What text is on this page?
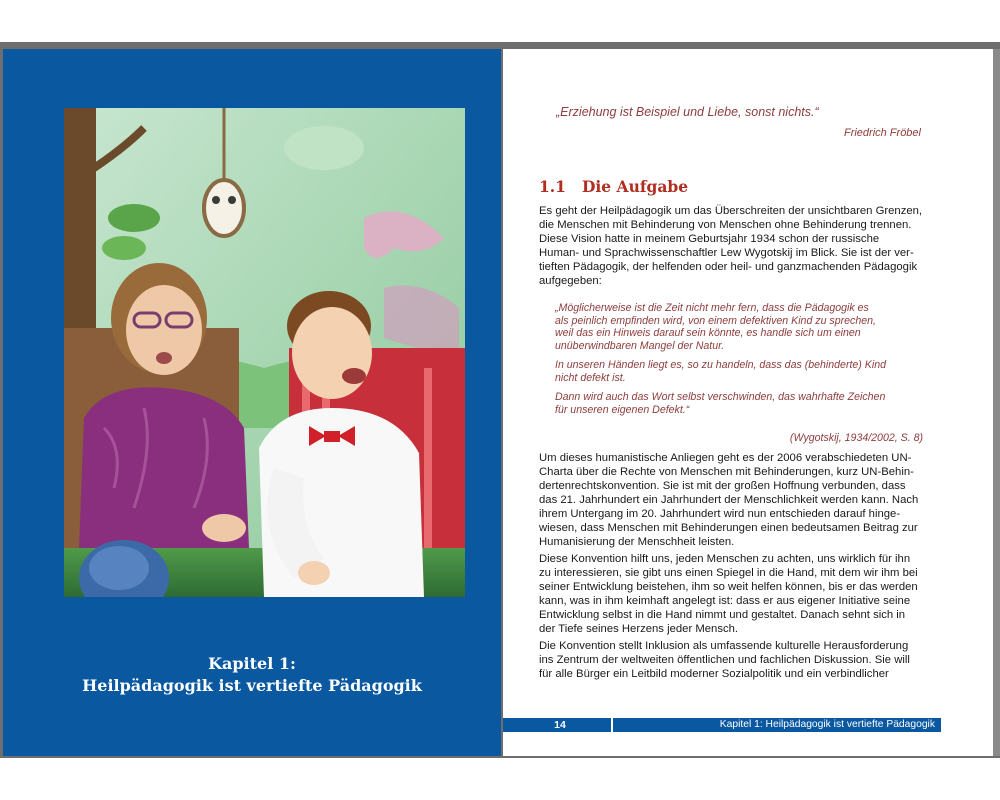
Kapitel 1:
Heilpädagogik ist vertiefte Pädagogik
„Erziehung ist Beispiel und Liebe, sonst nichts.“
Friedrich Fröbel
1.1 Die Aufgabe
Es geht der Heilpädagogik um das Überschreiten der unsichtbaren Grenzen,
die Menschen mit Behinderung von Menschen ohne Behinderung trennen.
Diese Vision hatte in meinem Geburtsjahr 1934 schon der russische
Human- und Sprachwissenschaftler Lew Wygotskij im Blick. Sie ist der ver-
tieften Pädagogik, der helfenden oder heil- und ganzmachenden Pädagogik
aufgegeben:
„Möglicherweise ist die Zeit nicht mehr fern, dass die Pädagogik es
als peinlich empfinden wird, von einem defektiven Kind zu sprechen,
weil das ein Hinweis darauf sein könnte, es handle sich um einen
unüberwindbaren Mangel der Natur.
In unseren Händen liegt es, so zu handeln, dass das (behinderte) Kind
nicht defekt ist.
Dann wird auch das Wort selbst verschwinden, das wahrhafte Zeichen
für unseren eigenen Defekt.“
(Wygotskij, 1934/2002, S. 8)
Um dieses humanistische Anliegen geht es der 2006 verabschiedeten UN-
Charta über die Rechte von Menschen mit Behinderungen, kurz UN-Behin-
dertenrechtskonvention. Sie ist mit der großen Hoffnung verbunden, dass
das 21. Jahrhundert ein Jahrhundert der Menschlichkeit werden kann. Nach
ihrem Untergang im 20. Jahrhundert wird nun entschieden darauf hinge-
wiesen, dass Menschen mit Behinderungen einen bedeutsamen Beitrag zur
Humanisierung der Menschheit leisten.
Diese Konvention hilft uns, jeden Menschen zu achten, uns wirklich für ihn
zu interessieren, sie gibt uns einen Spiegel in die Hand, mit dem wir ihm bei
seiner Entwicklung beistehen, ihm so weit helfen können, bis er das werden
kann, was in ihm keimhaft angelegt ist: dass er aus eigener Initiative seine
Entwicklung selbst in die Hand nimmt und gestaltet. Danach sehnt sich in
der Tiefe seines Herzens jeder Mensch.
Die Konvention stellt Inklusion als umfassende kulturelle Herausforderung
ins Zentrum der weltweiten öffentlichen und fachlichen Diskussion. Sie will
für alle Bürger ein Leitbild moderner Sozialpolitik und ein verbindlicher
14	Kapitel 1: Heilpädagogik ist vertiefte Pädagogik
